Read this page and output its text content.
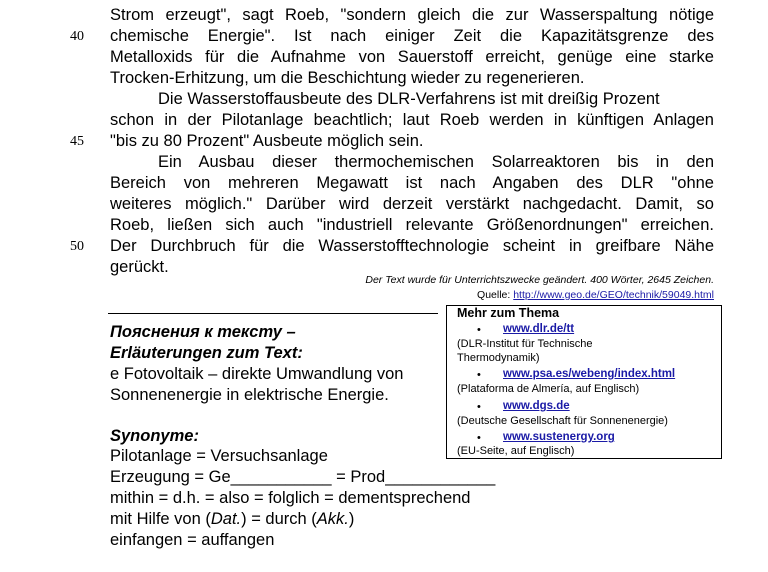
Strom erzeugt", sagt Roeb, "sondern gleich die zur Wasserspaltung nötige
40 chemische Energie". Ist nach einiger Zeit die Kapazitätsgrenze des
Metalloxids für die Aufnahme von Sauerstoff erreicht, genüge eine starke
Trocken-Erhitzung, um die Beschichtung wieder zu regenerieren.
Die Wasserstoffausbeute des DLR-Verfahrens ist mit dreißig Prozent
schon in der Pilotanlage beachtlich; laut Roeb werden in künftigen Anlagen
45 "bis zu 80 Prozent" Ausbeute möglich sein.
Ein Ausbau dieser thermochemischen Solarreaktoren bis in den
Bereich von mehreren Megawatt ist nach Angaben des DLR "ohne
weiteres möglich." Darüber wird derzeit verstärkt nachgedacht. Damit, so
Roeb, ließen sich auch "industriell relevante Größenordnungen" erreichen.
50 Der Durchbruch für die Wasserstofftechnologie scheint in greifbare Nähe
gerückt.
Der Text wurde für Unterrichtszwecke geändert. 400 Wörter, 2645 Zeichen.
Quelle: http://www.geo.de/GEO/technik/59049.html
Mehr zum Thema
• www.dlr.de/tt
(DLR-Institut für Technische
Thermodynamik)
• www.psa.es/webeng/index.html
(Plataforma de Almería, auf Englisch)
• www.dgs.de
(Deutsche Gesellschaft für Sonnenenergie)
• www.sustenergy.org
(EU-Seite, auf Englisch)
Пояснения к тексту –
Erläuterungen zum Text:
e Fotovoltaik – direkte Umwandlung von
Sonnenenergie in elektrische Energie.
Synonyme:
Pilotanlage = Versuchsanlage
Erzeugung = Ge___________ = Prod____________
mithin = d.h. = also = folglich = dementsprechend
mit Hilfe von (Dat.) = durch (Akk.)
einfangen = auffangen
